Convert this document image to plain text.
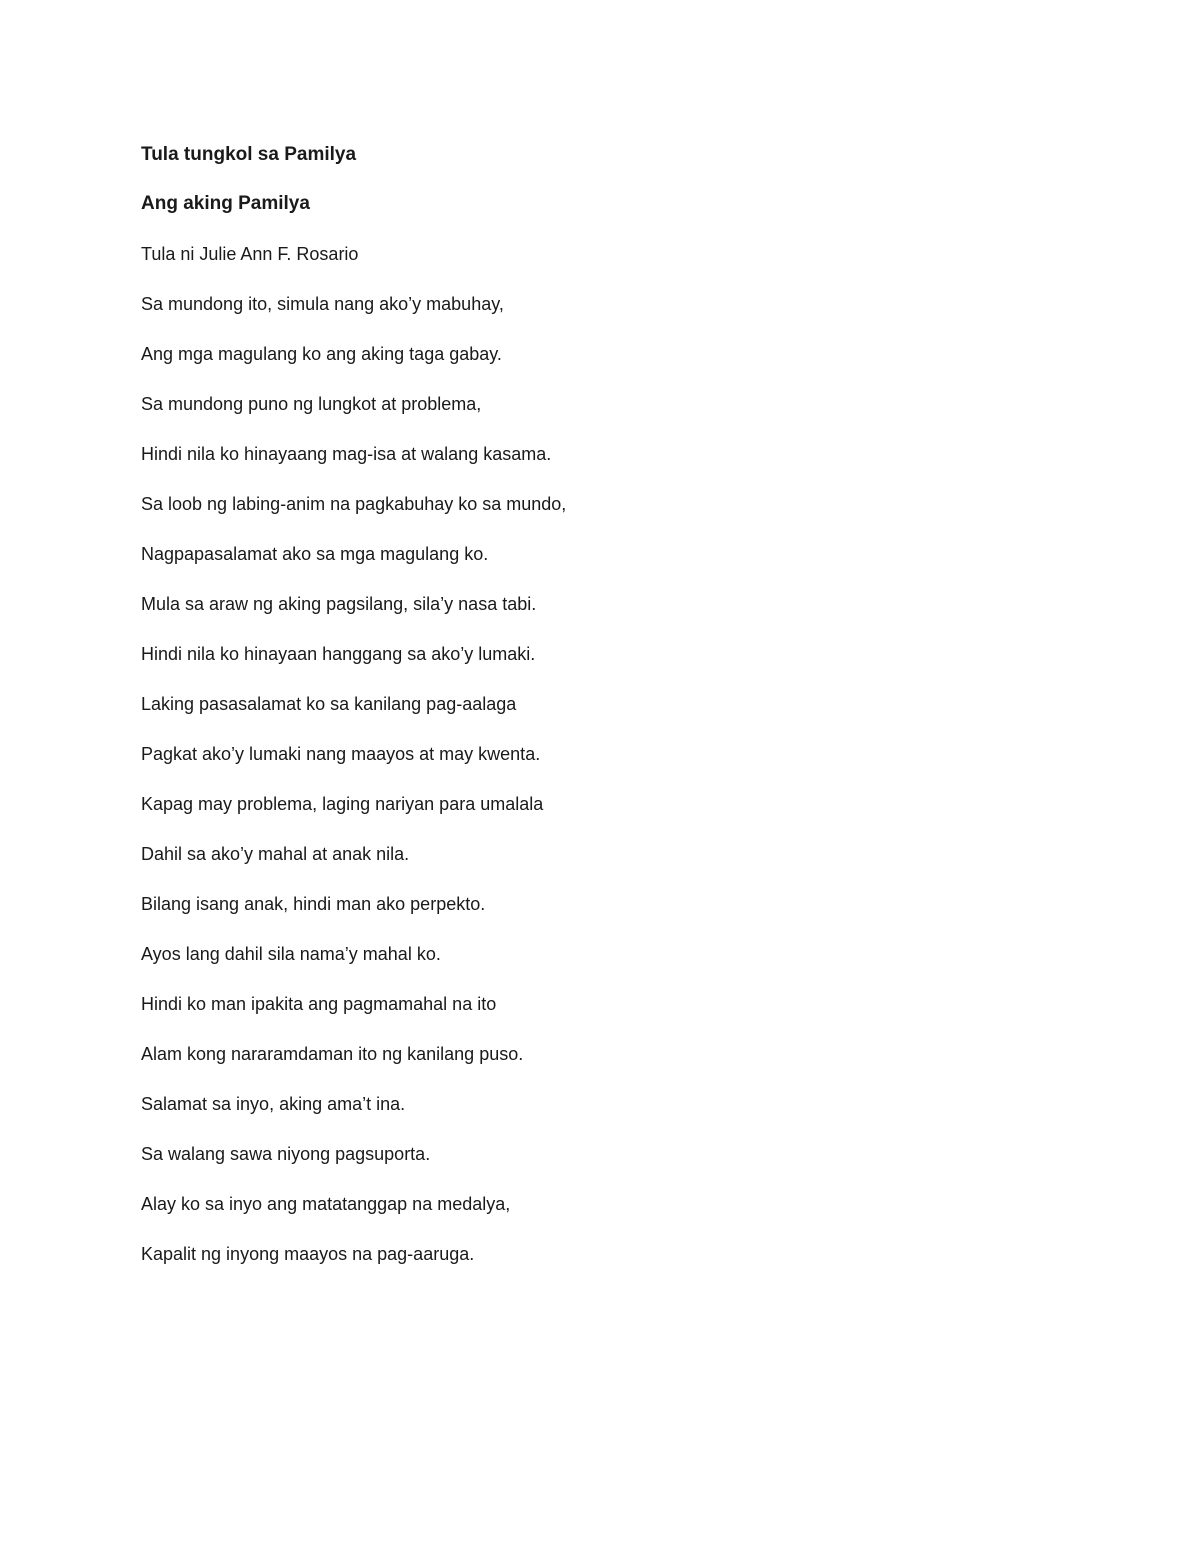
Tula tungkol sa Pamilya
Ang aking Pamilya

Tula ni Julie Ann F. Rosario

Sa mundong ito, simula nang ako’y mabuhay,
Ang mga magulang ko ang aking taga gabay.
Sa mundong puno ng lungkot at problema,
Hindi nila ko hinayaang mag-isa at walang kasama.
Sa loob ng labing-anim na pagkabuhay ko sa mundo,
Nagpapasalamat ako sa mga magulang ko.
Mula sa araw ng aking pagsilang, sila’y nasa tabi.
Hindi nila ko hinayaan hanggang sa ako’y lumaki.
Laking pasasalamat ko sa kanilang pag-aalaga
Pagkat ako’y lumaki nang maayos at may kwenta.
Kapag may problema, laging nariyan para umalala
Dahil sa ako’y mahal at anak nila.
Bilang isang anak, hindi man ako perpekto.
Ayos lang dahil sila nama’y mahal ko.
Hindi ko man ipakita ang pagmamahal na ito
Alam kong nararamdaman ito ng kanilang puso.
Salamat sa inyo, aking ama’t ina.
Sa walang sawa niyong pagsuporta.
Alay ko sa inyo ang matatanggap na medalya,
Kapalit ng inyong maayos na pag-aaruga.
